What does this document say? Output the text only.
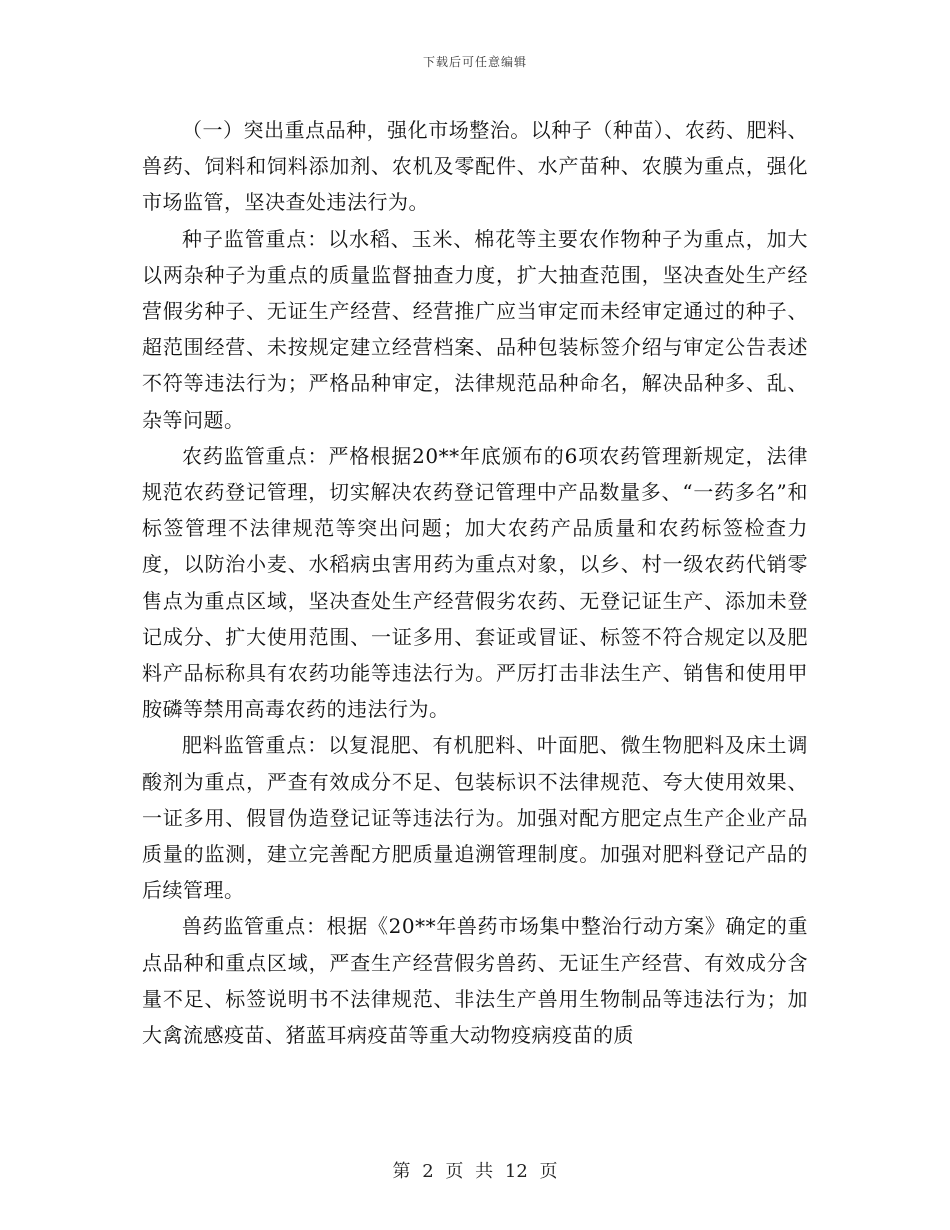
下载后可任意编辑

（一）突出重点品种，强化市场整治。以种子（种苗）、农药、肥料、兽药、饲料和饲料添加剂、农机及零配件、水产苗种、农膜为重点，强化市场监管，坚决查处违法行为。

种子监管重点：以水稻、玉米、棉花等主要农作物种子为重点，加大以两杂种子为重点的质量监督抽查力度，扩大抽查范围，坚决查处生产经营假劣种子、无证生产经营、经营推广应当审定而未经审定通过的种子、超范围经营、未按规定建立经营档案、品种包装标签介绍与审定公告表述不符等违法行为；严格品种审定，法律规范品种命名，解决品种多、乱、杂等问题。

农药监管重点：严格根据20**年底颁布的6项农药管理新规定，法律规范农药登记管理，切实解决农药登记管理中产品数量多、“一药多名”和标签管理不法律规范等突出问题；加大农药产品质量和农药标签检查力度，以防治小麦、水稻病虫害用药为重点对象，以乡、村一级农药代销零售点为重点区域，坚决查处生产经营假劣农药、无登记证生产、添加未登记成分、扩大使用范围、一证多用、套证或冒证、标签不符合规定以及肥料产品标称具有农药功能等违法行为。严厉打击非法生产、销售和使用甲胺磷等禁用高毒农药的违法行为。

肥料监管重点：以复混肥、有机肥料、叶面肥、微生物肥料及床土调酸剂为重点，严查有效成分不足、包装标识不法律规范、夸大使用效果、一证多用、假冒伪造登记证等违法行为。加强对配方肥定点生产企业产品质量的监测，建立完善配方肥质量追溯管理制度。加强对肥料登记产品的后续管理。

兽药监管重点：根据《20**年兽药市场集中整治行动方案》确定的重点品种和重点区域，严查生产经营假劣兽药、无证生产经营、有效成分含量不足、标签说明书不法律规范、非法生产兽用生物制品等违法行为；加大禽流感疫苗、猪蓝耳病疫苗等重大动物疫病疫苗的质

第 2 页 共 12 页
